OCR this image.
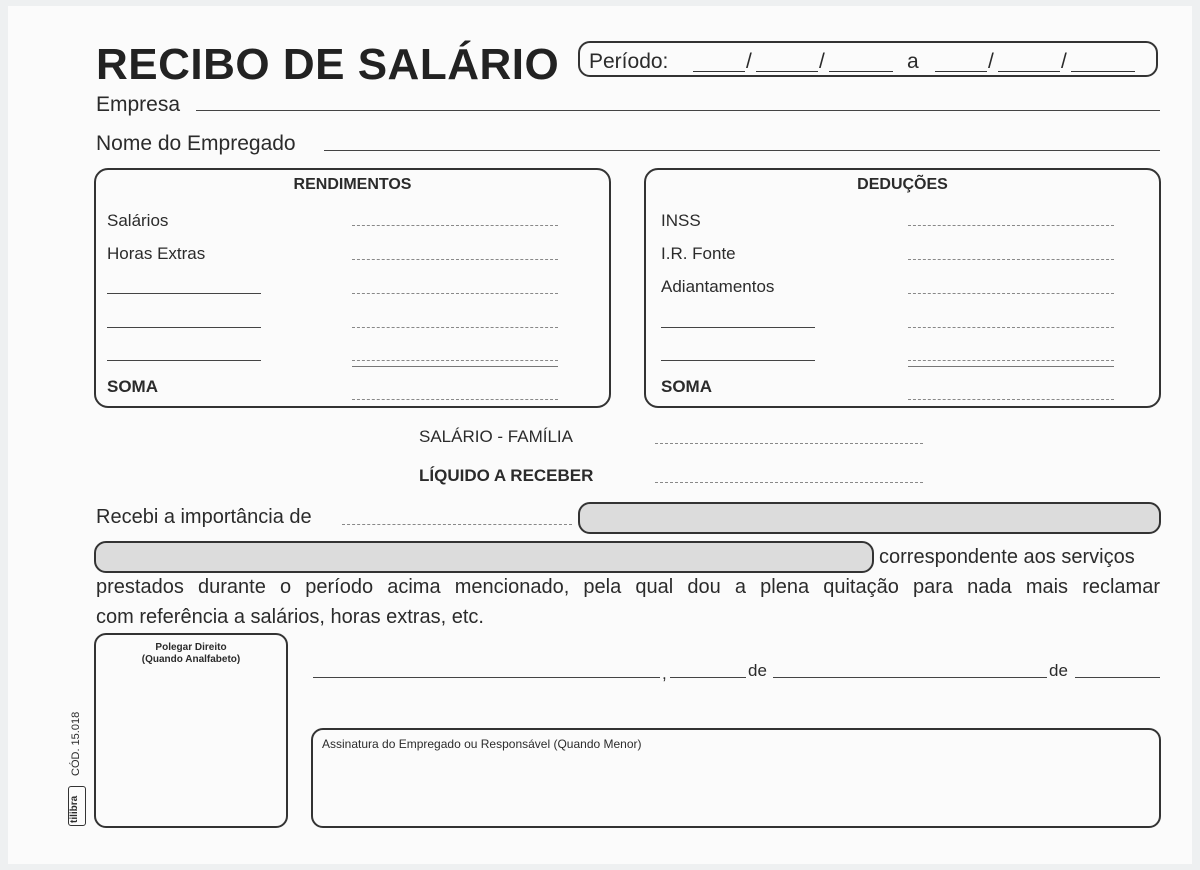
RECIBO DE SALÁRIO Período:	/	/	a	/	/
Empresa
Nome do Empregado
RENDIMENTOS
Salários
Horas Extras
SOMA
DEDUÇÕES
INSS
I.R. Fonte
Adiantamentos
SOMA
SALÁRIO - FAMÍLIA
LÍQUIDO A RECEBER
Recebi a importância de
correspondente aos serviços
prestados durante o período acima mencionado, pela qual dou a plena quitação para nada mais reclamar
com referência a salários, horas extras, etc.
Polegar Direito
(Quando Analfabeto)
,	de	de
Assinatura do Empregado ou Responsável (Quando Menor)
CÓD. 15.018
tilibra
